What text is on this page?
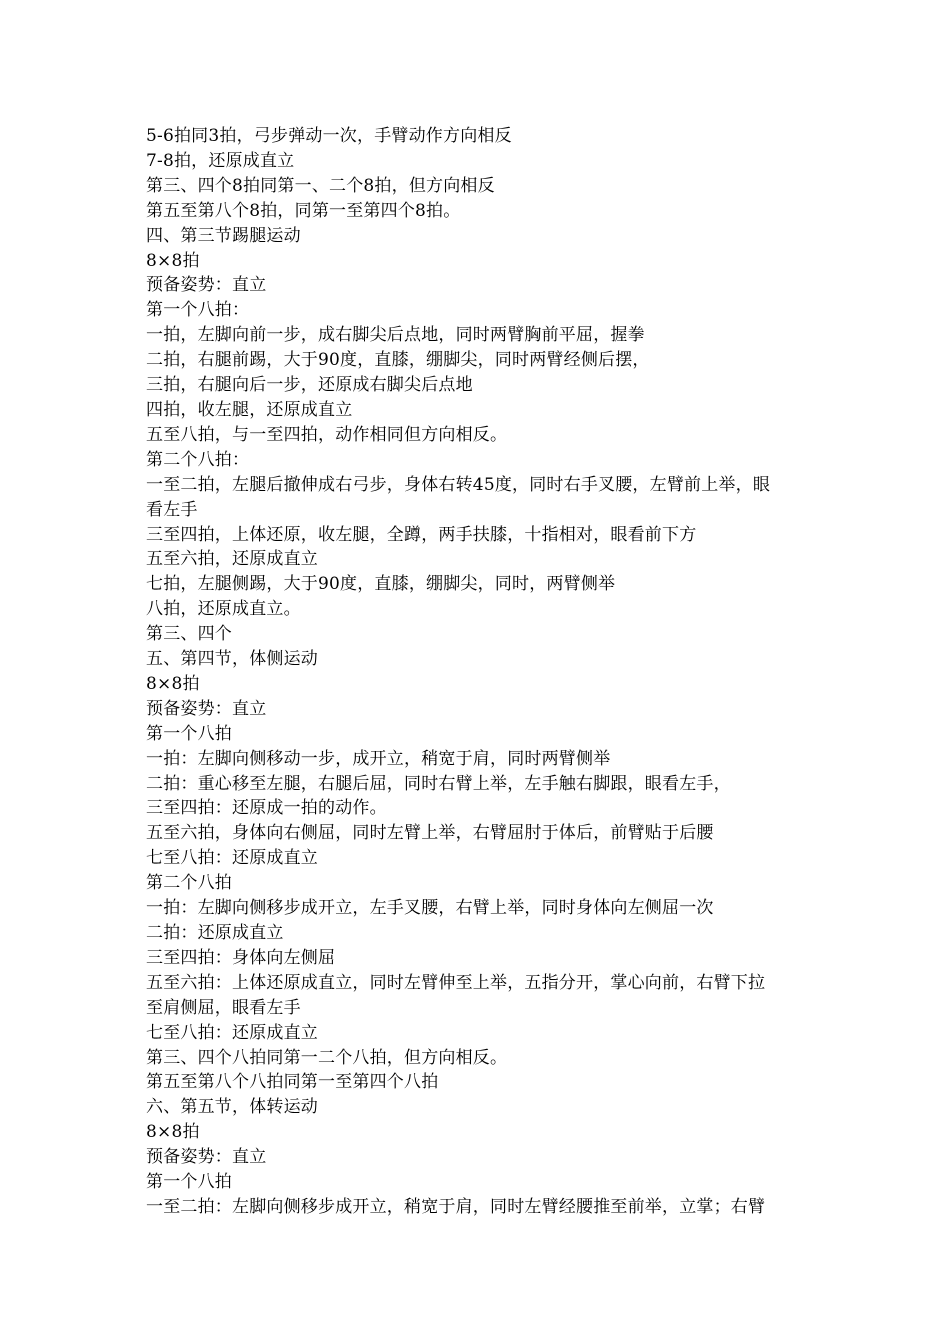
5-6拍同3拍，弓步弹动一次，手臂动作方向相反
7-8拍，还原成直立
第三、四个8拍同第一、二个8拍，但方向相反
第五至第八个8拍，同第一至第四个8拍。
四、第三节踢腿运动
8×8拍
预备姿势：直立
第一个八拍：
一拍，左脚向前一步，成右脚尖后点地，同时两臂胸前平屈，握拳
二拍，右腿前踢，大于90度，直膝，绷脚尖，同时两臂经侧后摆，
三拍，右腿向后一步，还原成右脚尖后点地
四拍，收左腿，还原成直立
五至八拍，与一至四拍，动作相同但方向相反。
第二个八拍：
一至二拍，左腿后撤伸成右弓步，身体右转45度，同时右手叉腰，左臂前上举，眼
看左手
三至四拍，上体还原，收左腿，全蹲，两手扶膝，十指相对，眼看前下方
五至六拍，还原成直立
七拍，左腿侧踢，大于90度，直膝，绷脚尖，同时，两臂侧举
八拍，还原成直立。
第三、四个
五、第四节，体侧运动
8×8拍
预备姿势：直立
第一个八拍
一拍：左脚向侧移动一步，成开立，稍宽于肩，同时两臂侧举
二拍：重心移至左腿，右腿后屈，同时右臂上举，左手触右脚跟，眼看左手，
三至四拍：还原成一拍的动作。
五至六拍，身体向右侧屈，同时左臂上举，右臂屈肘于体后，前臂贴于后腰
七至八拍：还原成直立
第二个八拍
一拍：左脚向侧移步成开立，左手叉腰，右臂上举，同时身体向左侧屈一次
二拍：还原成直立
三至四拍：身体向左侧屈
五至六拍：上体还原成直立，同时左臂伸至上举，五指分开，掌心向前，右臂下拉
至肩侧屈，眼看左手
七至八拍：还原成直立
第三、四个八拍同第一二个八拍，但方向相反。
第五至第八个八拍同第一至第四个八拍
六、第五节，体转运动
8×8拍
预备姿势：直立
第一个八拍
一至二拍：左脚向侧移步成开立，稍宽于肩，同时左臂经腰推至前举，立掌；右臂
